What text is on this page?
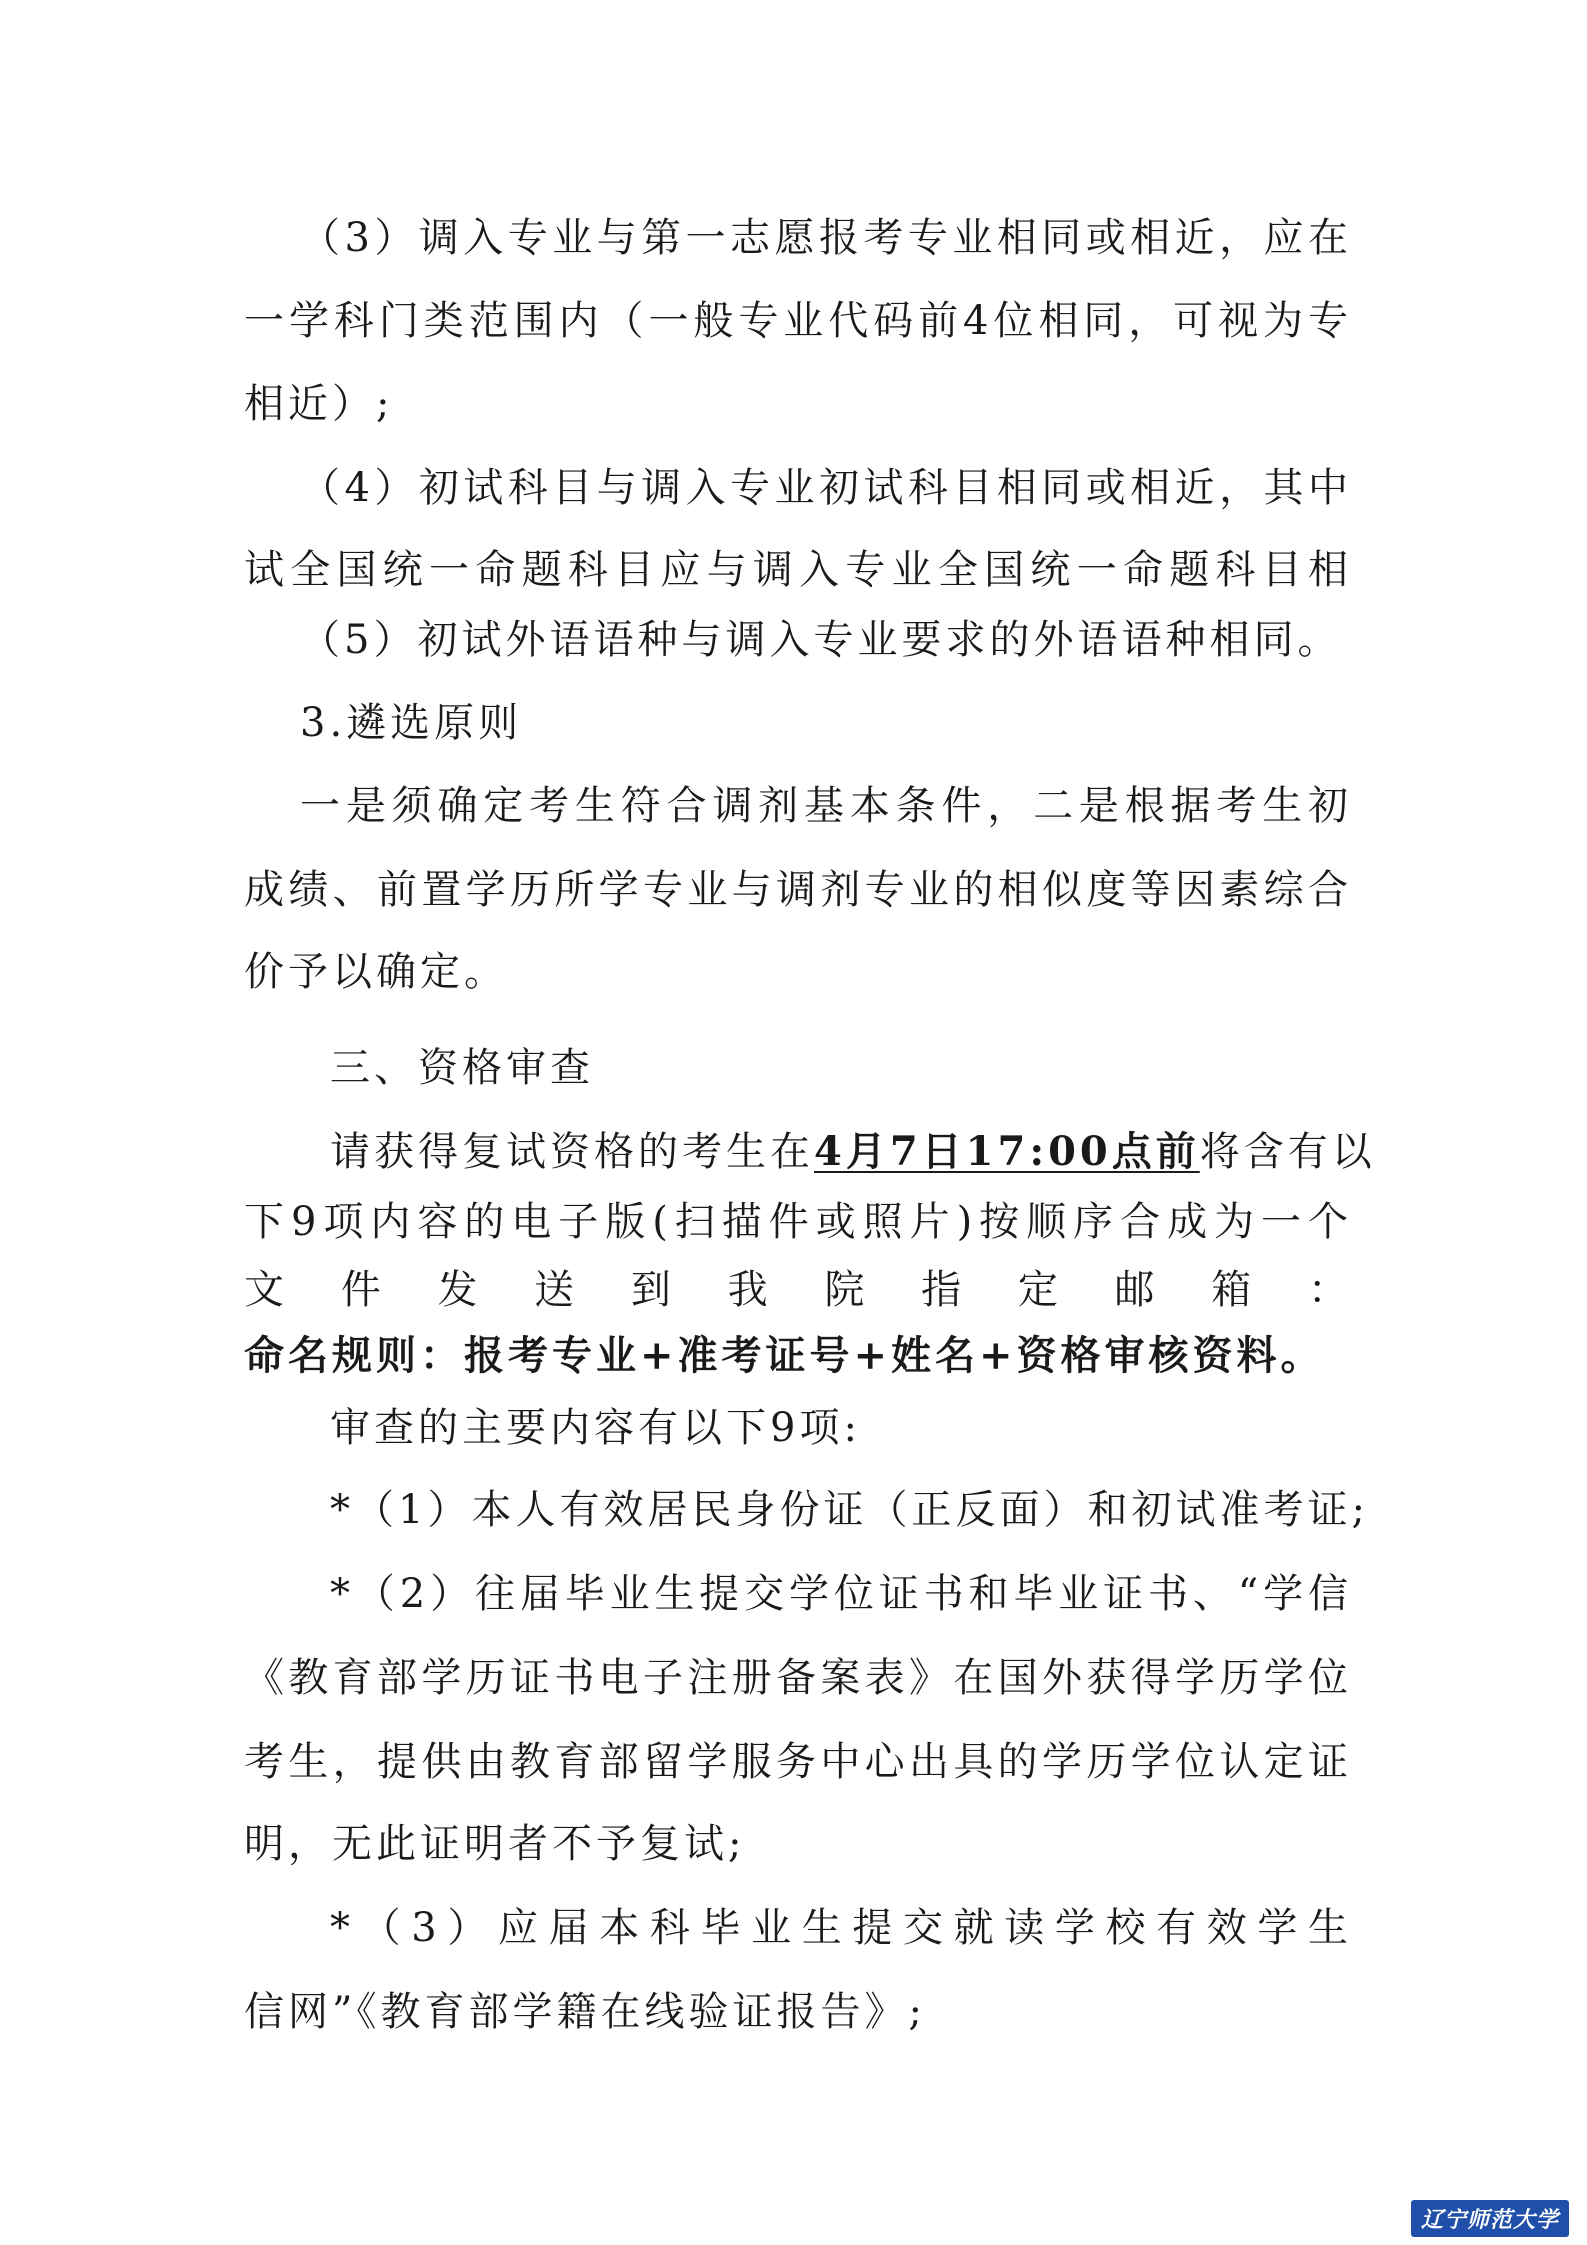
（3）调入专业与第一志愿报考专业相同或相近，应在
一学科门类范围内（一般专业代码前4位相同，可视为专
相近）;
（4）初试科目与调入专业初试科目相同或相近，其中
试全国统一命题科目应与调入专业全国统一命题科目相
（5）初试外语语种与调入专业要求的外语语种相同。
3.遴选原则
一是须确定考生符合调剂基本条件，二是根据考生初
成绩、前置学历所学专业与调剂专业的相似度等因素综合
价予以确定。
三、资格审查
请获得复试资格的考生在4月7日17:00点前将含有以
下9项内容的电子版(扫描件或照片)按顺序合成为一个
文件发送到我院指定邮箱：
命名规则：报考专业+准考证号+姓名+资格审核资料。
审查的主要内容有以下9项:
*（1）本人有效居民身份证（正反面）和初试准考证;
*（2）往届毕业生提交学位证书和毕业证书、“学信
《教育部学历证书电子注册备案表》在国外获得学历学位
考生，提供由教育部留学服务中心出具的学历学位认定证
明，无此证明者不予复试;
*（3）应届本科毕业生提交就读学校有效学生
信网”《教育部学籍在线验证报告》;
辽宁师范大学
